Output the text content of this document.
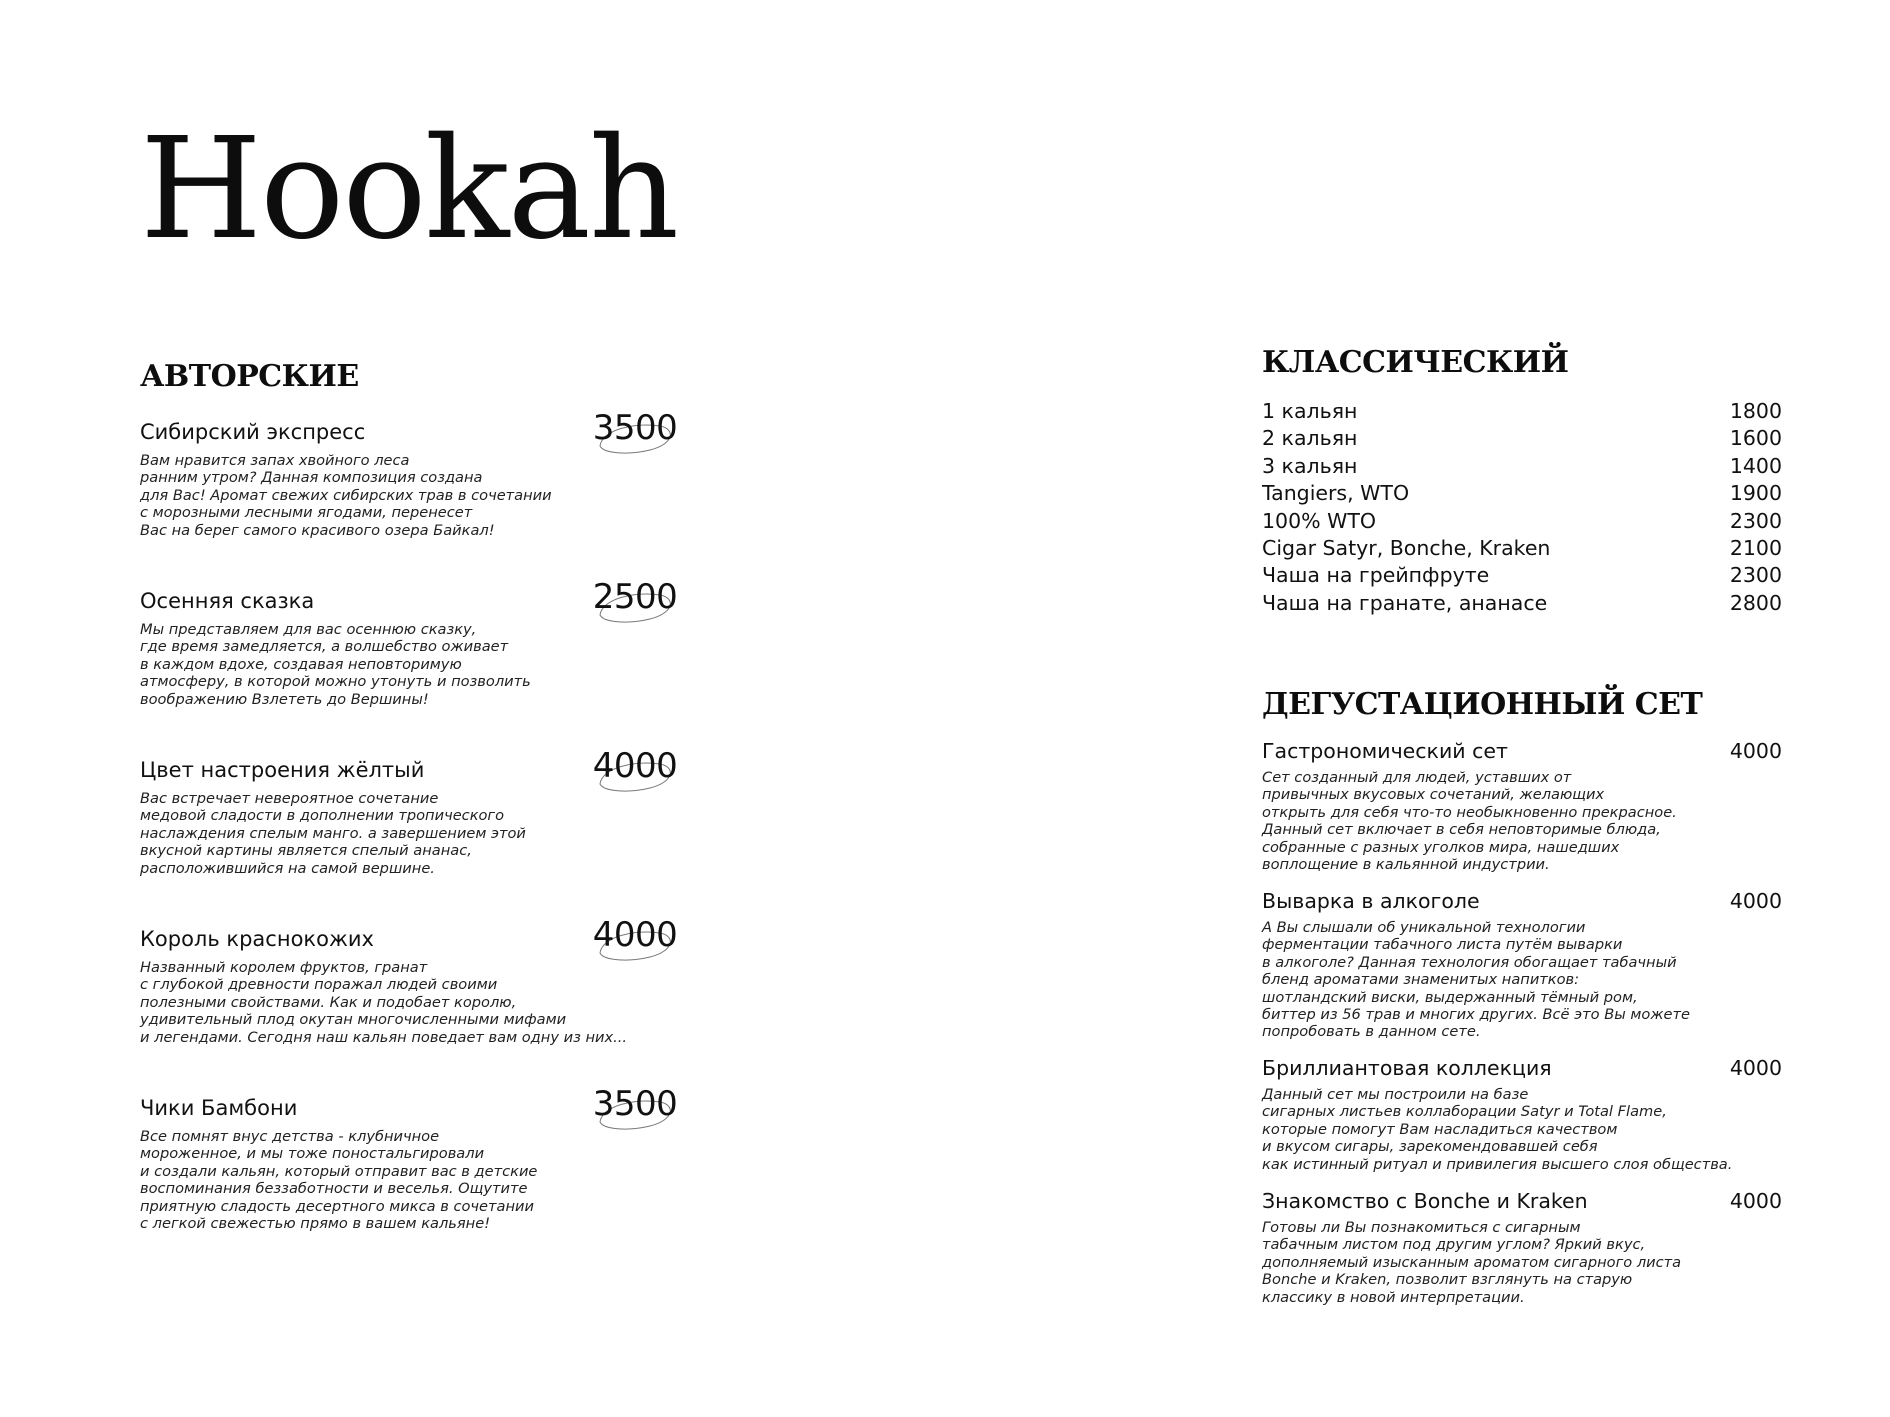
Hookah
АВТОРСКИЕ
Сибирский экспресс	3500

Вам нравится запах хвойного леса
ранним утром? Данная композиция создана
для Вас! Аромат свежих сибирских трав в сочетании
с морозными лесными ягодами, перенесет
Вас на берег самого красивого озера Байкал!

Осенняя сказка	2500

Мы представляем для вас осеннюю сказку,
где время замедляется, а волшебство оживает
в каждом вдохе, создавая неповторимую
атмосферу, в которой можно утонуть и позволить
воображению Взлететь до Вершины!

Цвет настроения жёлтый	4000

Вас встречает невероятное сочетание
медовой сладости в дополнении тропического
наслаждения спелым манго. а завершением этой
вкусной картины является спелый ананас,
расположившийся на самой вершине.

Король краснокожих	4000

Названный королем фруктов, гранат
с глубокой древности поражал людей своими
полезными свойствами. Как и подобает королю,
удивительный плод окутан многочисленными мифами
и легендами. Сегодня наш кальян поведает вам одну из них...

Чики Бамбони	3500

Все помнят внус детства - клубничное
мороженное, и мы тоже поностальгировали
и создали кальян, который отправит вас в детские
воспоминания беззаботности и веселья. Ощутите
приятную сладость десертного микса в сочетании
с легкой свежестью прямо в вашем кальяне!

КЛАССИЧЕСКИЙ
1 кальян	1800
2 кальян	1600
3 кальян	1400
Tangiers, WTO	1900
100% WTO	2300
Cigar Satyr, Bonche, Kraken	2100
Чаша на грейпфруте	2300
Чаша на гранате, ананасе	2800
ДЕГУСТАЦИОННЫЙ СЕТ
Гастрономический сет	4000

Сет созданный для людей, уставших от
привычных вкусовых сочетаний, желающих
открыть для себя что-то необыкновенно прекрасное.
Данный сет включает в себя неповторимые блюда,
собранные с разных уголков мира, нашедших
воплощение в кальянной индустрии.

Выварка в алкоголе	4000

А Вы слышали об уникальной технологии
ферментации табачного листа путём выварки
в алкоголе? Данная технология обогащает табачный
бленд ароматами знаменитых напитков:
шотландский виски, выдержанный тёмный ром,
биттер из 56 трав и многих других. Всё это Вы можете
попробовать в данном сете.

Бриллиантовая коллекция	4000

Данный сет мы построили на базе
сигарных листьев коллаборации Satyr и Total Flame,
которые помогут Вам насладиться качеством
и вкусом сигары, зарекомендовавшей себя
как истинный ритуал и привилегия высшего слоя общества.

Знакомство с Bonche и Kraken	4000

Готовы ли Вы познакомиться с сигарным
табачным листом под другим углом? Яркий вкус,
дополняемый изысканным ароматом сигарного листа
Bonche и Kraken, позволит взглянуть на старую
классику в новой интерпретации.
